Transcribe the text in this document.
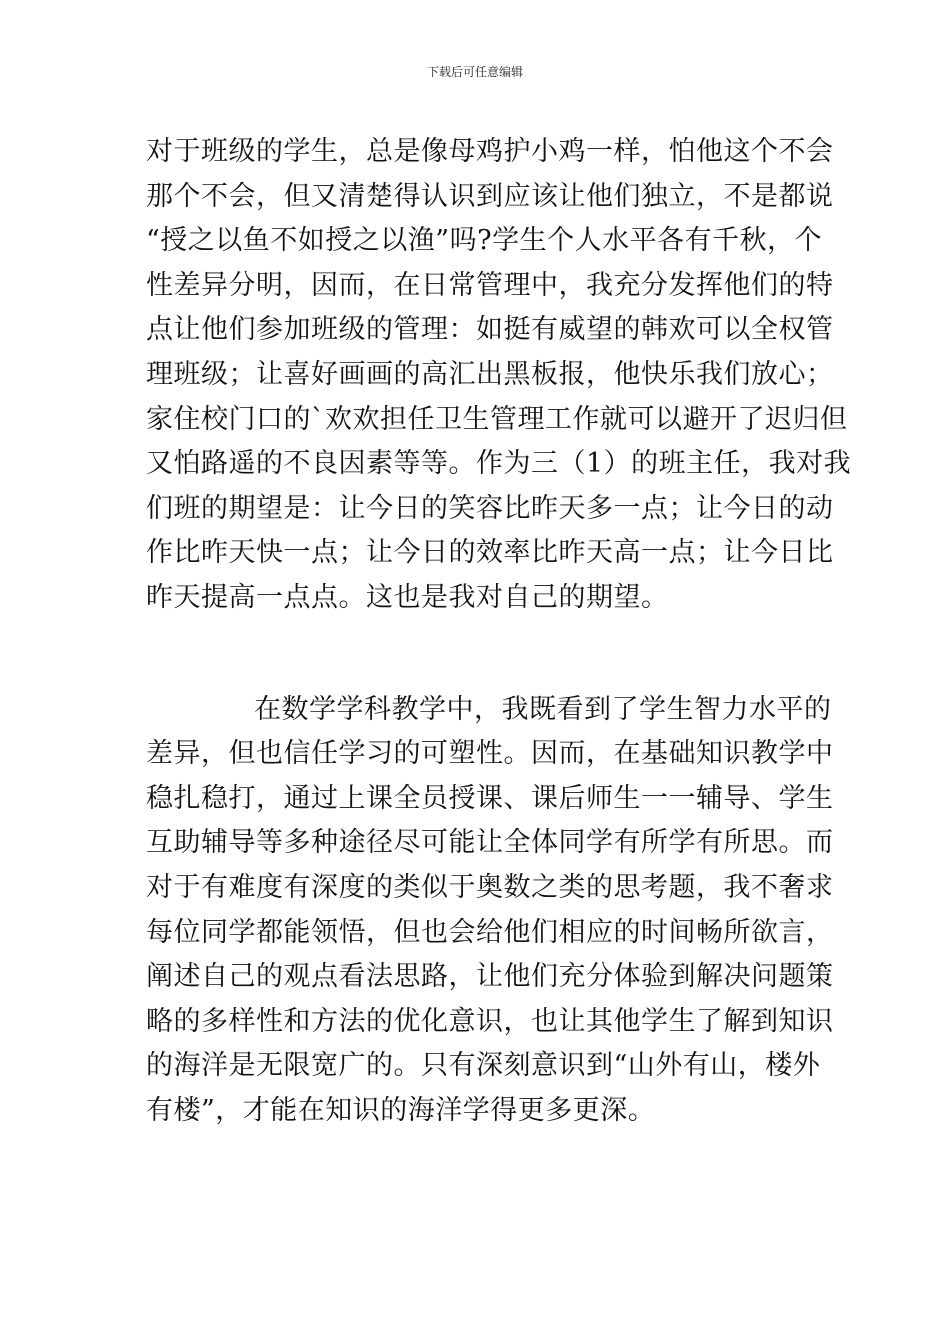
下载后可任意编辑

对于班级的学生，总是像母鸡护小鸡一样，怕他这个不会
那个不会，但又清楚得认识到应该让他们独立，不是都说
“授之以鱼不如授之以渔”吗?学生个人水平各有千秋，个
性差异分明，因而，在日常管理中，我充分发挥他们的特
点让他们参加班级的管理：如挺有威望的韩欢可以全权管
理班级；让喜好画画的高汇出黑板报，他快乐我们放心；
家住校门口的`欢欢担任卫生管理工作就可以避开了迟归但
又怕路遥的不良因素等等。作为三（1）的班主任，我对我
们班的期望是：让今日的笑容比昨天多一点；让今日的动
作比昨天快一点；让今日的效率比昨天高一点；让今日比
昨天提高一点点。这也是我对自己的期望。

在数学学科教学中，我既看到了学生智力水平的
差异，但也信任学习的可塑性。因而，在基础知识教学中
稳扎稳打，通过上课全员授课、课后师生一一辅导、学生
互助辅导等多种途径尽可能让全体同学有所学有所思。而
对于有难度有深度的类似于奥数之类的思考题，我不奢求
每位同学都能领悟，但也会给他们相应的时间畅所欲言，
阐述自己的观点看法思路，让他们充分体验到解决问题策
略的多样性和方法的优化意识，也让其他学生了解到知识
的海洋是无限宽广的。只有深刻意识到“山外有山，楼外
有楼”，才能在知识的海洋学得更多更深。
